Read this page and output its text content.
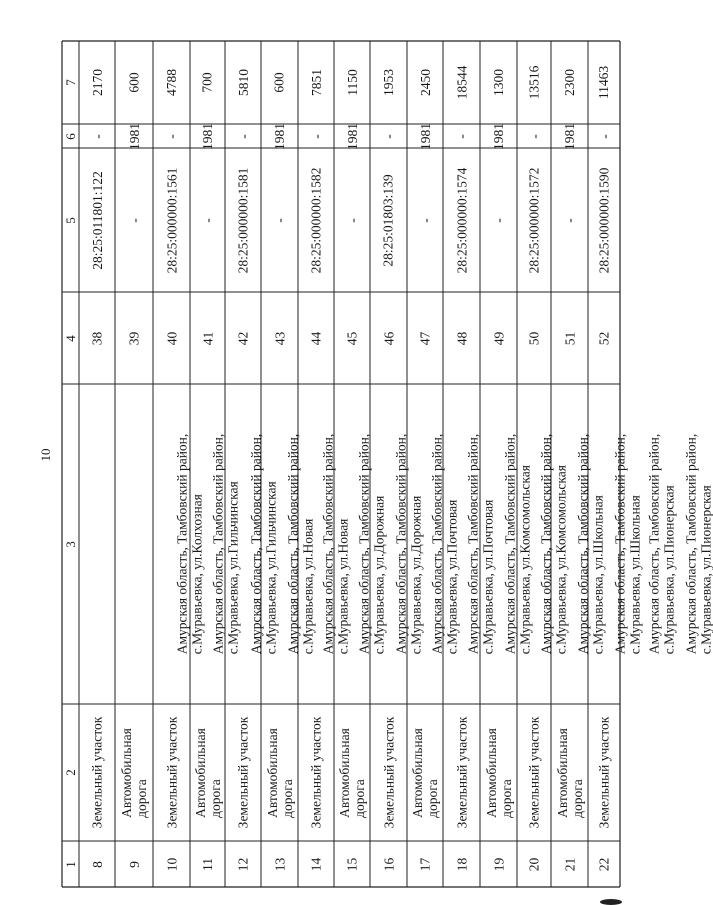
10
7
6
5
4
3
2
1
2170
-
28:25:011801:122
38
Амурская область, Тамбовский район, с.Муравьевка, ул.Колхозная
Земельный участок
8
600
1981
-
39
Амурская область, Тамбовский район, с.Муравьевка, ул.Гильчинская
Автомобильная дорога
9
4788
-
28:25:000000:1561
40
Амурская область, Тамбовский район, с.Муравьевка, ул.Гильчинская
Земельный участок
10
700
1981
-
41
Амурская область, Тамбовский район, с.Муравьевка, ул.Новая
Автомобильная дорога
11
5810
-
28:25:000000:1581
42
Амурская область, Тамбовский район, с.Муравьевка, ул.Новая
Земельный участок
12
600
1981
-
43
Амурская область, Тамбовский район, с.Муравьевка, ул.Дорожная
Автомобильная дорога
13
7851
-
28:25:000000:1582
44
Амурская область, Тамбовский район, с.Муравьевка, ул.Дорожная
Земельный участок
14
1150
1981
-
45
Амурская область, Тамбовский район, с.Муравьевка, ул.Почтовая
Автомобильная дорога
15
1953
-
28:25:01803:139
46
Амурская область, Тамбовский район, с.Муравьевка, ул.Почтовая
Земельный участок
16
2450
1981
-
47
Амурская область, Тамбовский район, с.Муравьевка, ул.Комсомольская
Автомобильная дорога
17
18544
-
28:25:000000:1574
48
Амурская область, Тамбовский район, с.Муравьевка, ул.Комсомольская
Земельный участок
18
1300
1981
-
49
Амурская область, Тамбовский район, с.Муравьевка, ул.Школьная
Автомобильная дорога
19
13516
-
28:25:000000:1572
50
Амурская область, Тамбовский район, с.Муравьевка, ул.Школьная
Земельный участок
20
2300
1981
-
51
Амурская область, Тамбовский район, с.Муравьевка, ул.Пионерская
Автомобильная дорога
21
11463
-
28:25:000000:1590
52
Амурская область, Тамбовский район, с.Муравьевка, ул.Пионерская
Земельный участок
22
